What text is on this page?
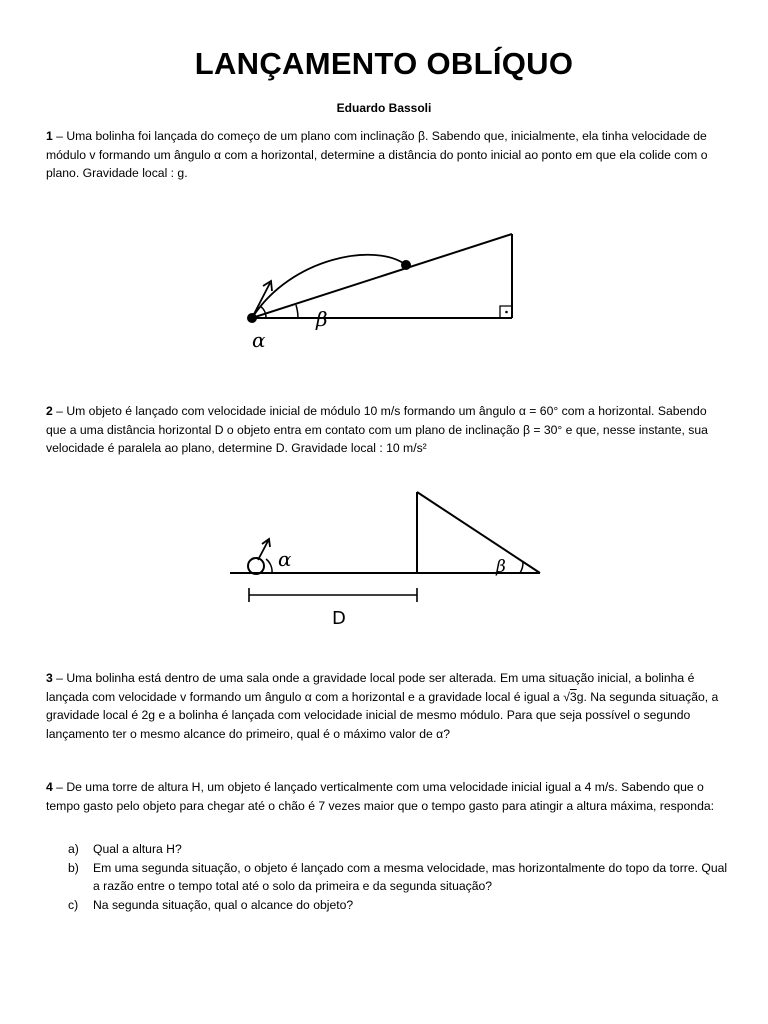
LANÇAMENTO OBLÍQUO
Eduardo Bassoli
1 – Uma bolinha foi lançada do começo de um plano com inclinação β. Sabendo que, inicialmente, ela tinha velocidade de módulo v formando um ângulo α com a horizontal, determine a distância do ponto inicial ao ponto em que ela colide com o plano. Gravidade local : g.
α
β
2 – Um objeto é lançado com velocidade inicial de módulo 10 m/s formando um ângulo α = 60° com a horizontal. Sabendo que a uma distância horizontal D o objeto entra em contato com um plano de inclinação β = 30° e que, nesse instante, sua velocidade é paralela ao plano, determine D. Gravidade local : 10 m/s²
β
α
D
3 – Uma bolinha está dentro de uma sala onde a gravidade local pode ser alterada. Em uma situação inicial, a bolinha é lançada com velocidade v formando um ângulo α com a horizontal e a gravidade local é igual a √3g. Na segunda situação, a gravidade local é 2g e a bolinha é lançada com velocidade inicial de mesmo módulo. Para que seja possível o segundo lançamento ter o mesmo alcance do primeiro, qual é o máximo valor de α?
4 – De uma torre de altura H, um objeto é lançado verticalmente com uma velocidade inicial igual a 4 m/s. Sabendo que o tempo gasto pelo objeto para chegar até o chão é 7 vezes maior que o tempo gasto para atingir a altura máxima, responda:
a) Qual a altura H?
b) Em uma segunda situação, o objeto é lançado com a mesma velocidade, mas horizontalmente do topo da torre. Qual a razão entre o tempo total até o solo da primeira e da segunda situação?
c) Na segunda situação, qual o alcance do objeto?
